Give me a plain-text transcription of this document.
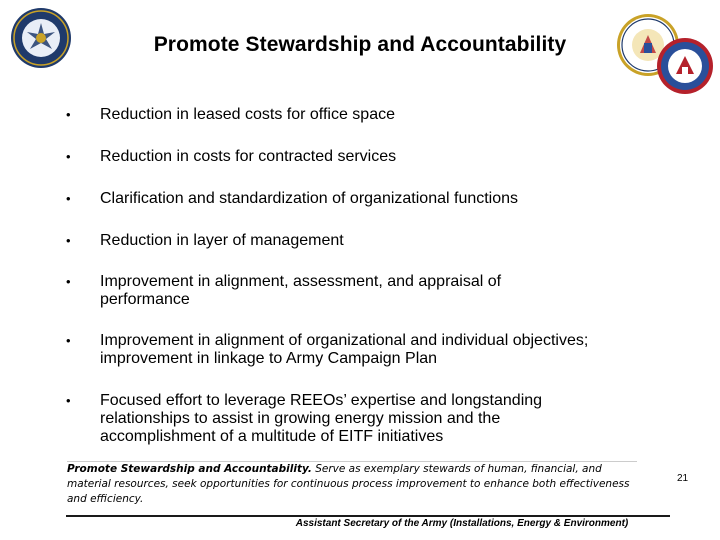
Promote Stewardship and Accountability
• Reduction in leased costs for office space
• Reduction in costs for contracted services
• Clarification and standardization of organizational functions
• Reduction in layer of management
• Improvement in alignment, assessment, and appraisal of performance
• Improvement in alignment of organizational and individual objectives; improvement in linkage to Army Campaign Plan
• Focused effort to leverage REEOs’ expertise and longstanding relationships to assist in growing energy mission and the accomplishment of a multitude of EITF initiatives
Promote Stewardship and Accountability. Serve as exemplary stewards of human, financial, and material resources, seek opportunities for continuous process improvement to enhance both effectiveness and efficiency.
21
Assistant Secretary of the Army (Installations, Energy & Environment)
